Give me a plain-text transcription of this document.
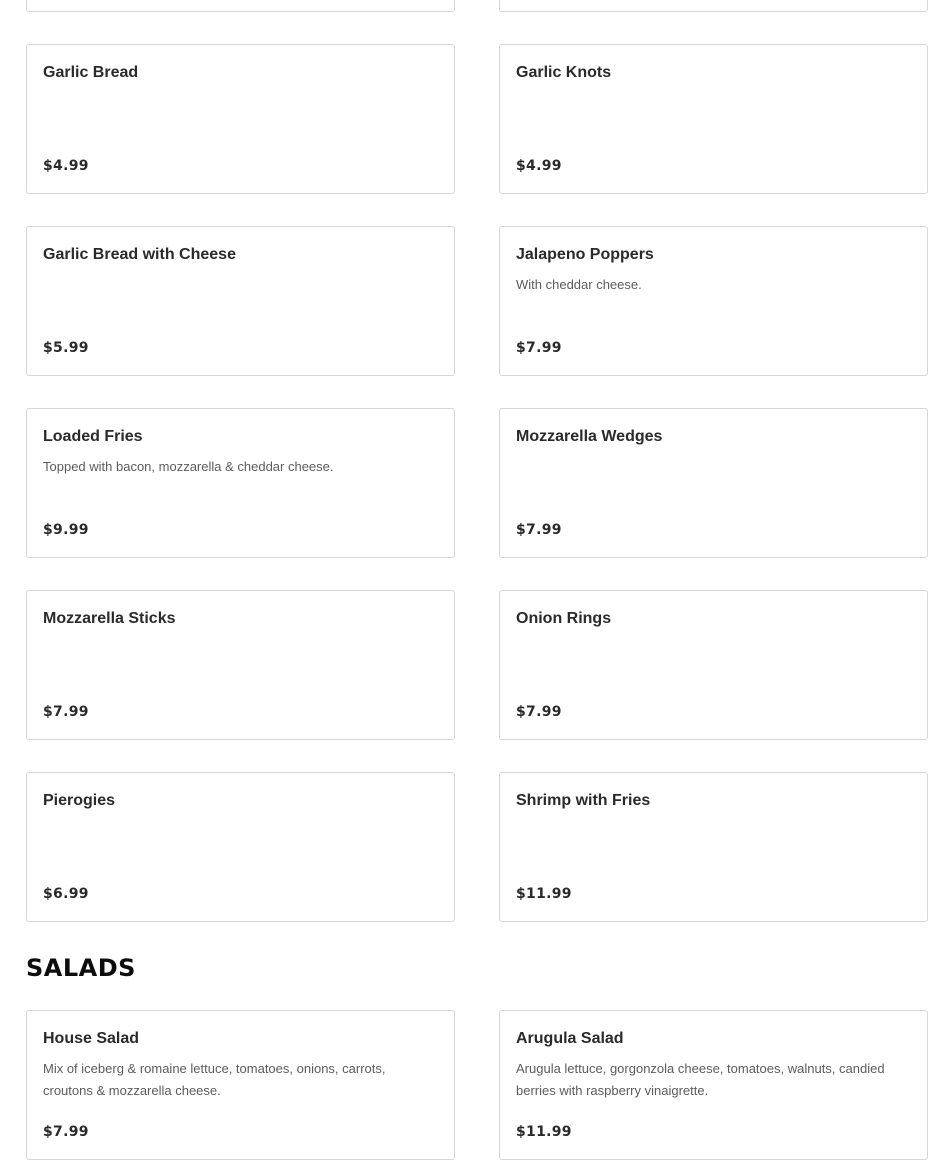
Garlic Bread
$4.99
Garlic Knots
$4.99
Garlic Bread with Cheese
$5.99
Jalapeno Poppers
With cheddar cheese.
$7.99
Loaded Fries
Topped with bacon, mozzarella & cheddar cheese.
$9.99
Mozzarella Wedges
$7.99
Mozzarella Sticks
$7.99
Onion Rings
$7.99
Pierogies
$6.99
Shrimp with Fries
$11.99
SALADS
House Salad
Mix of iceberg & romaine lettuce, tomatoes, onions, carrots, croutons & mozzarella cheese.
$7.99
Arugula Salad
Arugula lettuce, gorgonzola cheese, tomatoes, walnuts, candied berries with raspberry vinaigrette.
$11.99
